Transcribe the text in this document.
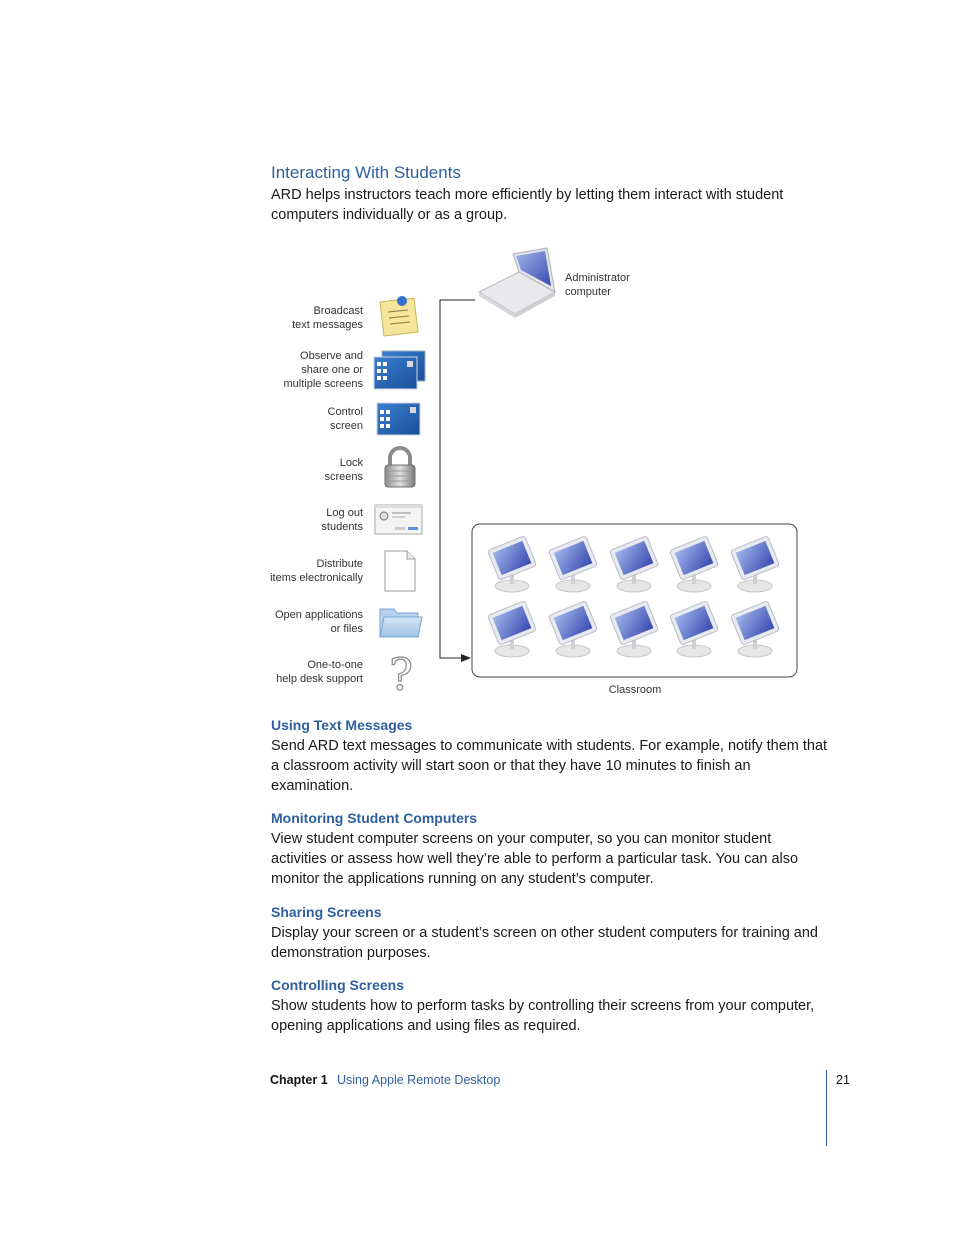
Interacting With Students
ARD helps instructors teach more efficiently by letting them interact with student
computers individually or as a group.
Administrator
computer
Broadcast
text messages
Observe and
share one or
multiple screens
Control
screen
Lock
screens
Log out
students
Distribute
items electronically
Open applications
or files
One-to-one
help desk support ?	Classroom
Using Text Messages
Send ARD text messages to communicate with students. For example, notify them that
a classroom activity will start soon or that they have 10 minutes to finish an
examination.
Monitoring Student Computers
View student computer screens on your computer, so you can monitor student
activities or assess how well they’re able to perform a particular task. You can also
monitor the applications running on any student’s computer.
Sharing Screens
Display your screen or a student’s screen on other student computers for training and
demonstration purposes.
Controlling Screens
Show students how to perform tasks by controlling their screens from your computer,
opening applications and using files as required.
Chapter 1 Using Apple Remote Desktop	21
